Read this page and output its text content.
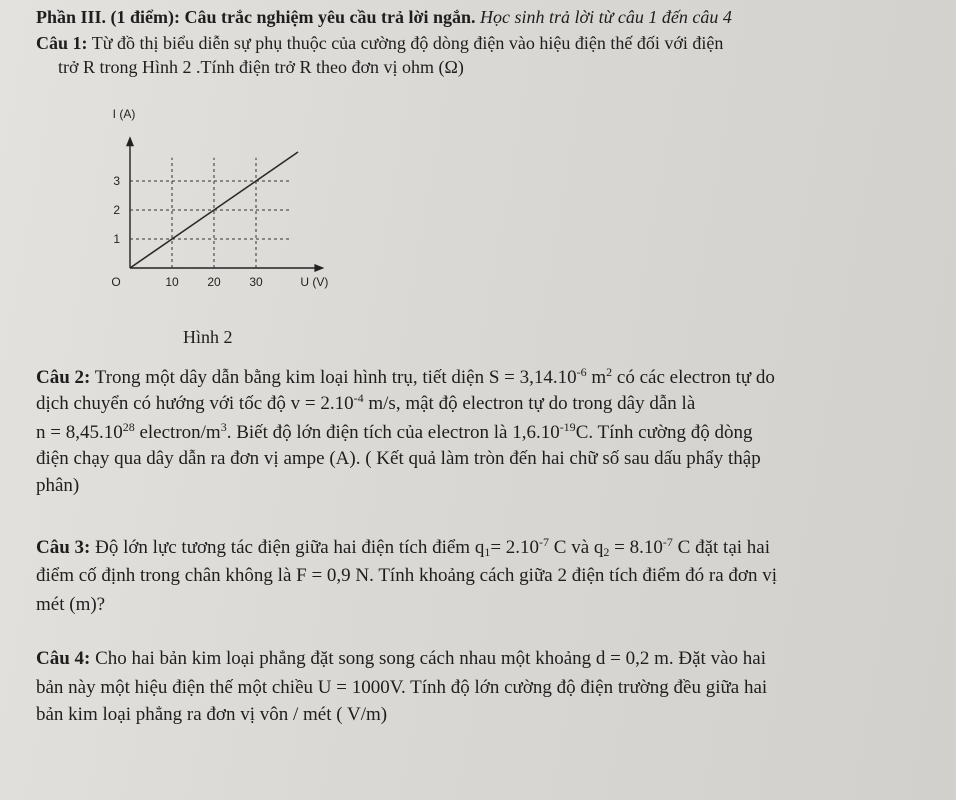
Phần III. (1 điểm): Câu trắc nghiệm yêu cầu trả lời ngắn. Học sinh trả lời từ câu 1 đến câu 4
Câu 1: Từ đồ thị biểu diễn sự phụ thuộc của cường độ dòng điện vào hiệu điện thế đối với điện
trở R trong Hình 2 .Tính điện trở R theo đơn vị ohm (Ω)
10 20 30
1
2
3
O	U (V)
I (A)
Hình 2
Câu 2: Trong một dây dẫn bằng kim loại hình trụ, tiết diện $S = 3,14.10^{-6}$ $m^2$ có các electron tự do
dịch chuyển có hướng với tốc độ $v = 2.10^{-4}$ m/s, mật độ electron tự do trong dây dẫn là
$n = 8,45.10^{28}$ electron/$m^3$. Biết độ lớn điện tích của electron là $1,6.10^{-19}C$. Tính cường độ dòng
điện chạy qua dây dẫn ra đơn vị ampe (A). ( Kết quả làm tròn đến hai chữ số sau dấu phẩy thập
phân)
Câu 3: Độ lớn lực tương tác điện giữa hai điện tích điểm $q_1= 2.10^{-7}$ C và $q_2 = 8.10^{-7}$ C đặt tại hai
điểm cố định trong chân không là F = 0,9 N. Tính khoảng cách giữa 2 điện tích điểm đó ra đơn vị
mét (m)?
Câu 4: Cho hai bản kim loại phẳng đặt song song cách nhau một khoảng d = 0,2 m. Đặt vào hai
bản này một hiệu điện thế một chiều U = 1000V. Tính độ lớn cường độ điện trường đều giữa hai
bản kim loại phẳng ra đơn vị vôn / mét ( V/m)
